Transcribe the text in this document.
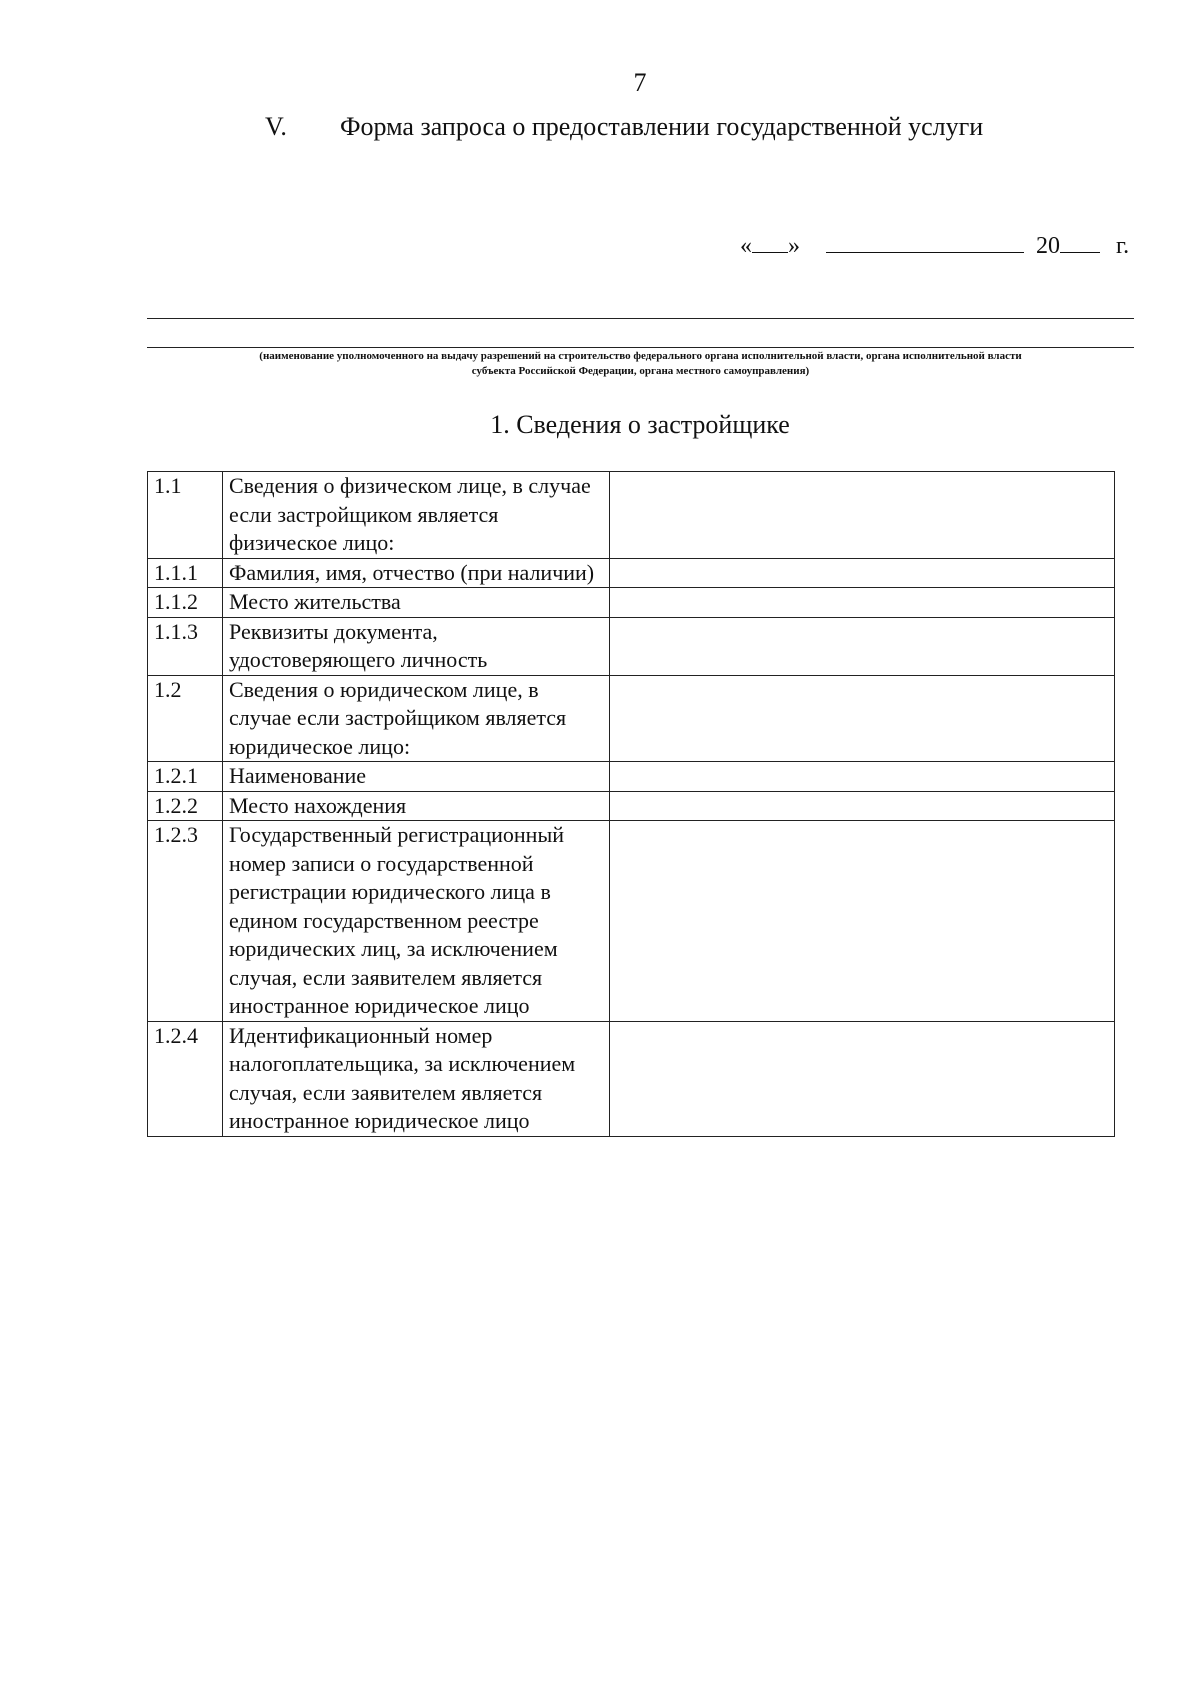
7
V. Форма запроса о предоставлении государственной услуги
« »	20 г.
(наименование уполномоченного на выдачу разрешений на строительство федерального органа исполнительной власти, органа исполнительной власти
субъекта Российской Федерации, органа местного самоуправления)
1. Сведения о застройщике
1.1	Сведения о физическом лице, в случае если застройщиком является физическое лицо:	
1.1.1	Фамилия, имя, отчество (при наличии)	
1.1.2	Место жительства	
1.1.3	Реквизиты документа, удостоверяющего личность	
1.2	Сведения о юридическом лице, в случае если застройщиком является юридическое лицо:	
1.2.1	Наименование	
1.2.2	Место нахождения	
1.2.3	Государственный регистрационный номер записи о государственной регистрации юридического лица в едином государственном реестре юридических лиц, за исключением случая, если заявителем является иностранное юридическое лицо	
1.2.4	Идентификационный номер налогоплательщика, за исключением случая, если заявителем является иностранное юридическое лицо	
